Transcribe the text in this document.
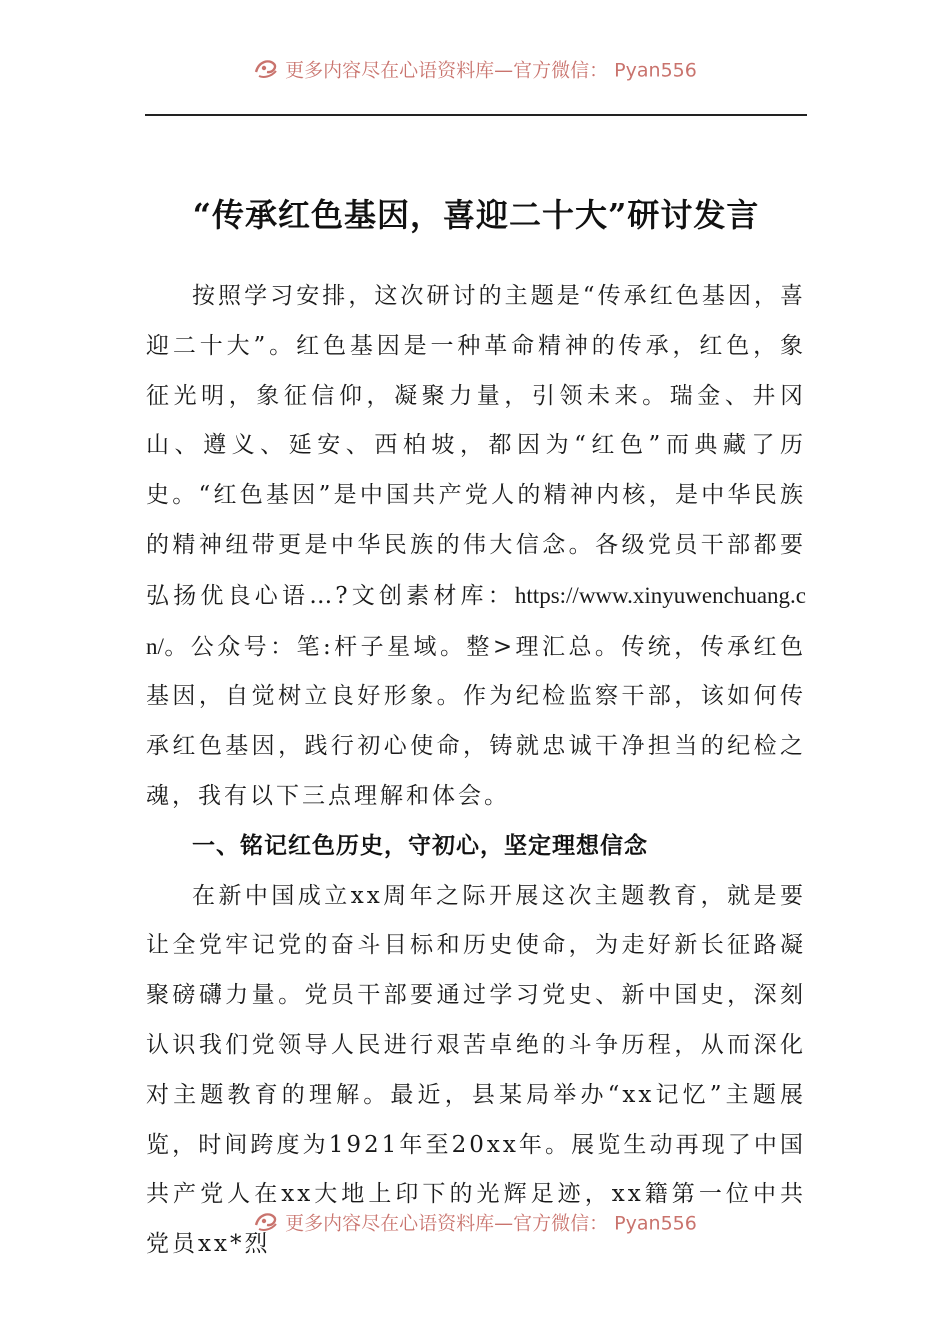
更多内容尽在心语资料库—官方微信： Pyan556
“传承红色基因，喜迎二十大”研讨发言

按照学习安排，这次研讨的主题是“传承红色基因，喜迎二十大”。红色基因是一种革命精神的传承，红色，象征光明，象征信仰，凝聚力量，引领未来。瑞金、井冈山、遵义、延安、西柏坡，都因为“红色”而典藏了历史。“红色基因”是中国共产党人的精神内核，是中华民族的精神纽带更是中华民族的伟大信念。各级党员干部都要弘扬优良心语…?文创素材库：https://www.xinyuwenchuang.cn/。公众号：笔:杆子星域。整>理汇总。传统，传承红色基因，自觉树立良好形象。作为纪检监察干部，该如何传承红色基因，践行初心使命，铸就忠诚干净担当的纪检之魂，我有以下三点理解和体会。

一、铭记红色历史，守初心，坚定理想信念

在新中国成立xx周年之际开展这次主题教育，就是要让全党牢记党的奋斗目标和历史使命，为走好新长征路凝聚磅礴力量。党员干部要通过学习党史、新中国史，深刻认识我们党领导人民进行艰苦卓绝的斗争历程，从而深化对主题教育的理解。最近，县某局举办“xx记忆”主题展览，时间跨度为1921年至20xx年。展览生动再现了中国共产党人在xx大地上印下的光辉足迹，xx籍第一位中共党员xx*烈

更多内容尽在心语资料库—官方微信： Pyan556
